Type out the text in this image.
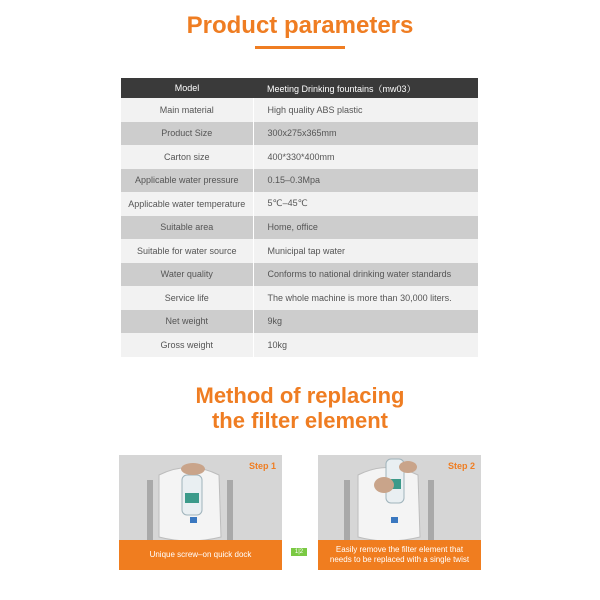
Product parameters
Model	Meeting Drinking fountains（mw03）
Main material	High quality ABS plastic
Product Size	300x275x365mm
Carton size	400*330*400mm
Applicable water pressure	0.15–0.3Mpa
Applicable water temperature	5℃–45℃
Suitable area	Home, office
Suitable for water source	Municipal tap water
Water quality	Conforms to national drinking water standards
Service life	The whole machine is more than 30,000 liters.
Net weight	9kg
Gross weight	10kg
Method of replacing
the filter element
Step 1
Unique screw–on quick dock	1|2
Step 2
Easily remove the filter element that needs to be replaced with a single twist
